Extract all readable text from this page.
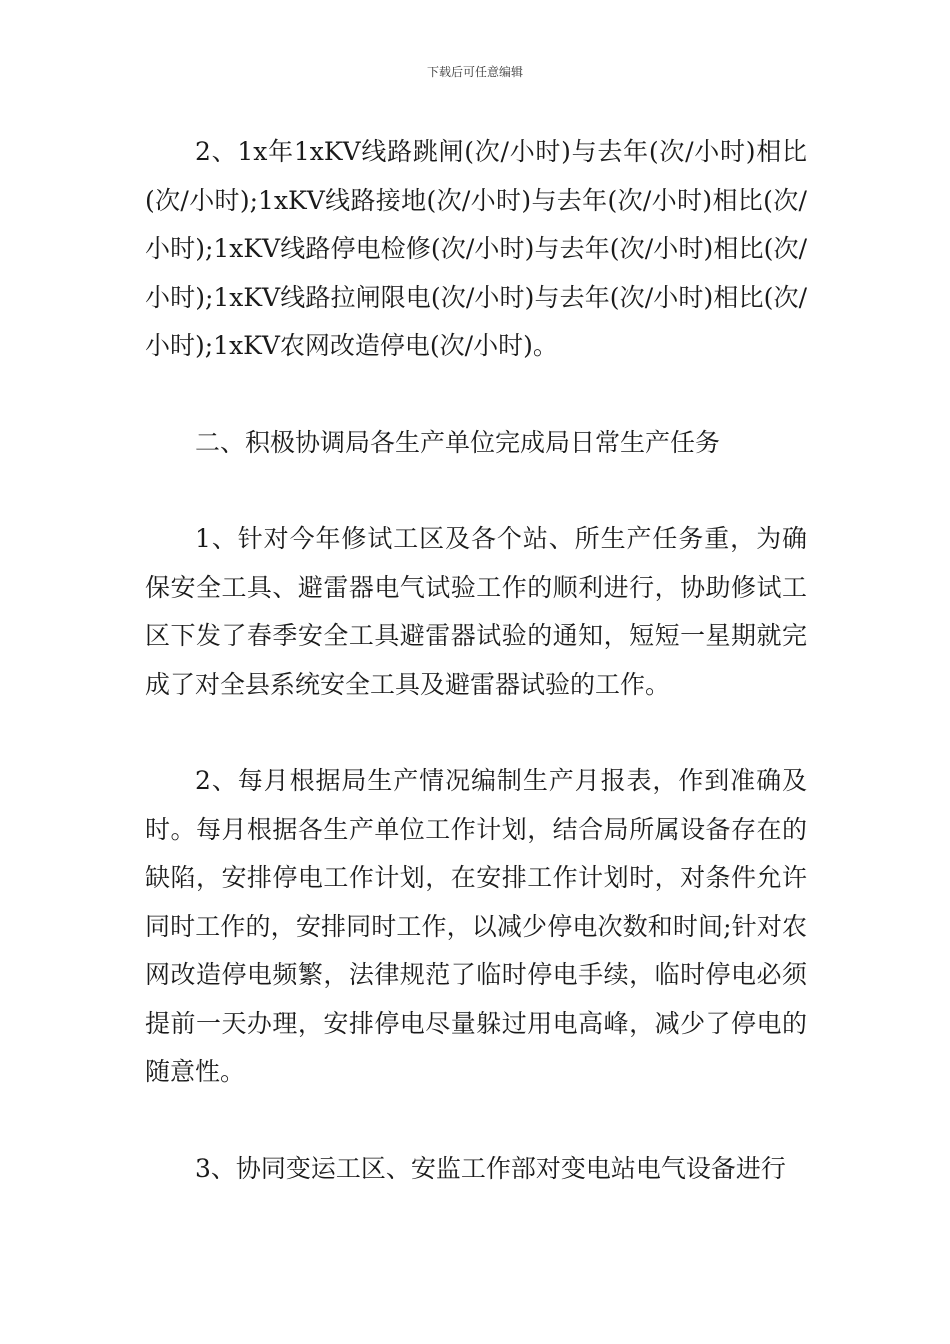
下载后可任意编辑

2、1x年1xKV线路跳闸(次/小时)与去年(次/小时)相比(次/小时);1xKV线路接地(次/小时)与去年(次/小时)相比(次/小时);1xKV线路停电检修(次/小时)与去年(次/小时)相比(次/小时);1xKV线路拉闸限电(次/小时)与去年(次/小时)相比(次/小时);1xKV农网改造停电(次/小时)。

二、积极协调局各生产单位完成局日常生产任务

1、针对今年修试工区及各个站、所生产任务重，为确保安全工具、避雷器电气试验工作的顺利进行，协助修试工区下发了春季安全工具避雷器试验的通知，短短一星期就完成了对全县系统安全工具及避雷器试验的工作。

2、每月根据局生产情况编制生产月报表，作到准确及时。每月根据各生产单位工作计划，结合局所属设备存在的缺陷，安排停电工作计划，在安排工作计划时，对条件允许同时工作的，安排同时工作，以减少停电次数和时间;针对农网改造停电频繁，法律规范了临时停电手续，临时停电必须提前一天办理，安排停电尽量躲过用电高峰，减少了停电的随意性。

3、协同变运工区、安监工作部对变电站电气设备进行
